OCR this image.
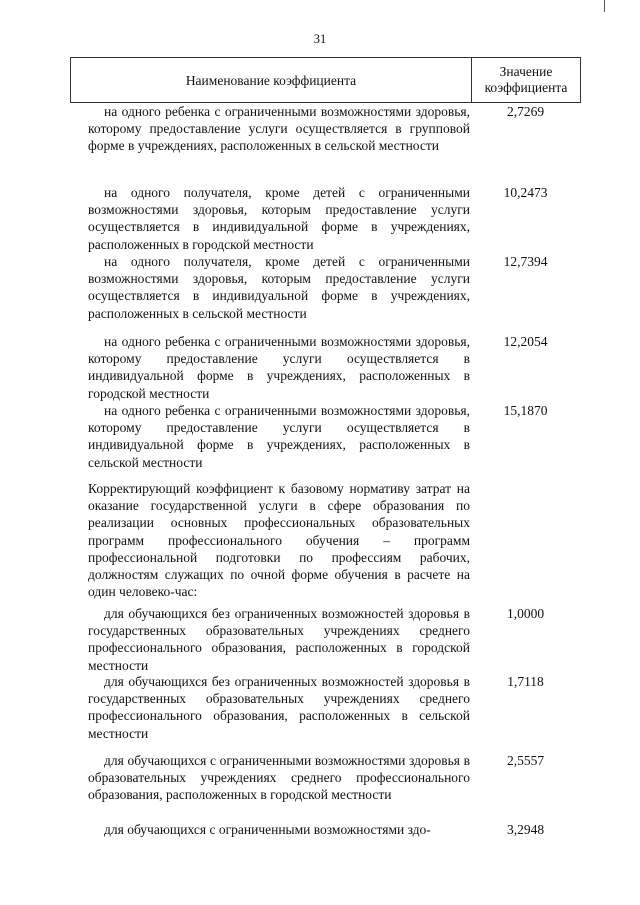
31
Наименование коэффициента
Значение
коэффициента
на одного ребенка с ограниченными возможностями здоровья, которому предоставление услуги осуществляется в групповой форме в учреждениях, расположенных в сельской местности
2,7269
на одного получателя, кроме детей с ограниченными возможностями здоровья, которым предоставление услуги осуществляется в индивидуальной форме в учреждениях, расположенных в городской местности
10,2473
на одного получателя, кроме детей с ограниченными возможностями здоровья, которым предоставление услуги осуществляется в индивидуальной форме в учреждениях, расположенных в сельской местности
12,7394
на одного ребенка с ограниченными возможностями здоровья, которому предоставление услуги осуществляется в индивидуальной форме в учреждениях, расположенных в городской местности
12,2054
на одного ребенка с ограниченными возможностями здоровья, которому предоставление услуги осуществляется в индивидуальной форме в учреждениях, расположенных в сельской местности
15,1870
Корректирующий коэффициент к базовому нормативу затрат на оказание государственной услуги в сфере образования по реализации основных профессиональных образовательных программ профессионального обучения – программ профессиональной подготовки по профессиям рабочих, должностям служащих по очной форме обучения в расчете на один человеко-час:
для обучающихся без ограниченных возможностей здоровья в государственных образовательных учреждениях среднего профессионального образования, расположенных в городской местности
1,0000
для обучающихся без ограниченных возможностей здоровья в государственных образовательных учреждениях среднего профессионального образования, расположенных в сельской местности
1,7118
для обучающихся с ограниченными возможностями здоровья в образовательных учреждениях среднего профессионального образования, расположенных в городской местности
2,5557
для обучающихся с ограниченными возможностями здо-	3,2948
